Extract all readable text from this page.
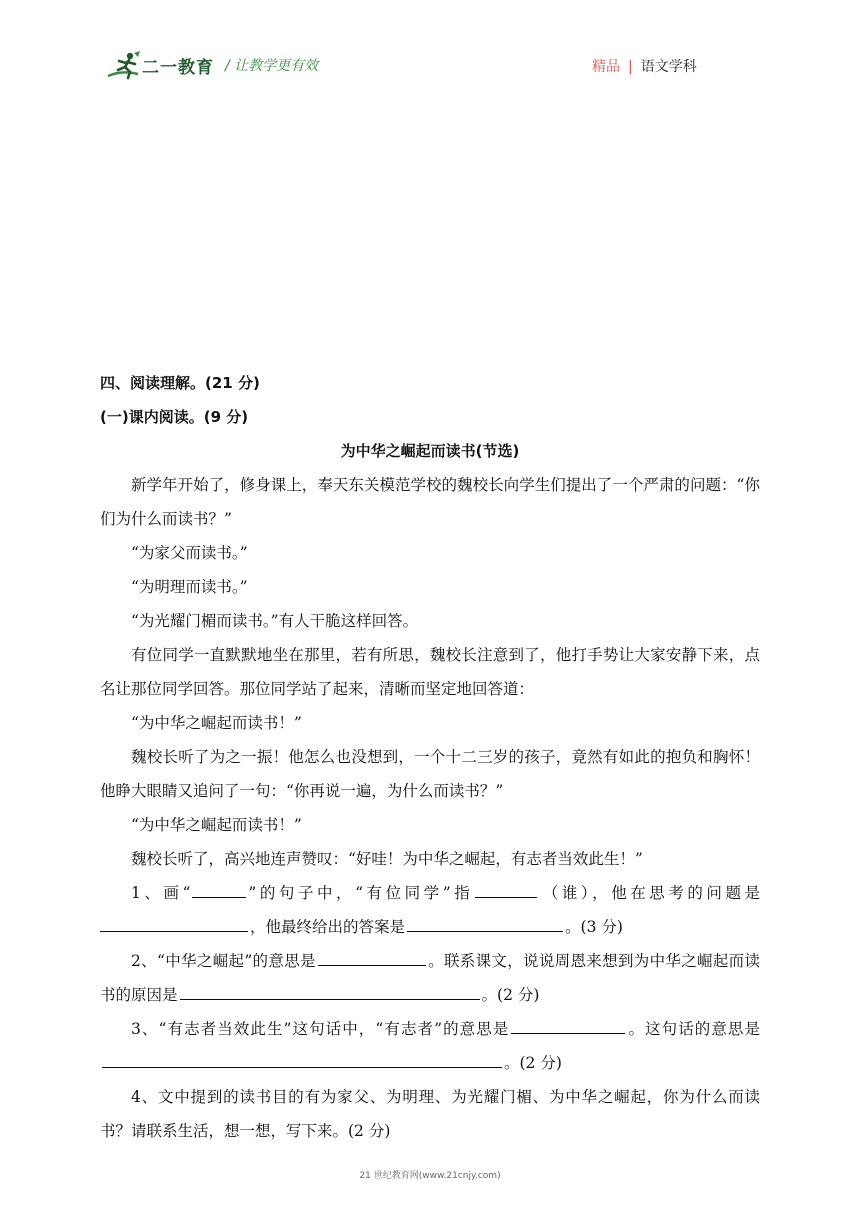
二一教育 / 让教学更有效	精品 | 语文学科

四、阅读理解。(21 分)

(一)课内阅读。(9 分)

为中华之崛起而读书(节选)

新学年开始了，修身课上，奉天东关模范学校的魏校长向学生们提出了一个严肃的问题：“你们为什么而读书？”

“为家父而读书。”

“为明理而读书。”

“为光耀门楣而读书。”有人干脆这样回答。

有位同学一直默默地坐在那里，若有所思，魏校长注意到了，他打手势让大家安静下来，点名让那位同学回答。那位同学站了起来，清晰而坚定地回答道：

“为中华之崛起而读书！”

魏校长听了为之一振！他怎么也没想到，一个十二三岁的孩子，竟然有如此的抱负和胸怀！他睁大眼睛又追问了一句：“你再说一遍，为什么而读书？”

“为中华之崛起而读书！”

魏校长听了，高兴地连声赞叹：“好哇！为中华之崛起，有志者当效此生！”

1、画“	”的句子中，“有位同学”指	（谁），他在思考的问题是，他最终给出的答案是	。(3 分)

2、“中华之崛起”的意思是	。联系课文，说说周恩来想到为中华之崛起而读书的原因是	。(2 分)

3、“有志者当效此生”这句话中，“有志者”的意思是	。这句话的意思是。(2 分)

4、文中提到的读书目的有为家父、为明理、为光耀门楣、为中华之崛起，你为什么而读书？请联系生活，想一想，写下来。(2 分)

21 世纪教育网(www.21cnjy.com)
